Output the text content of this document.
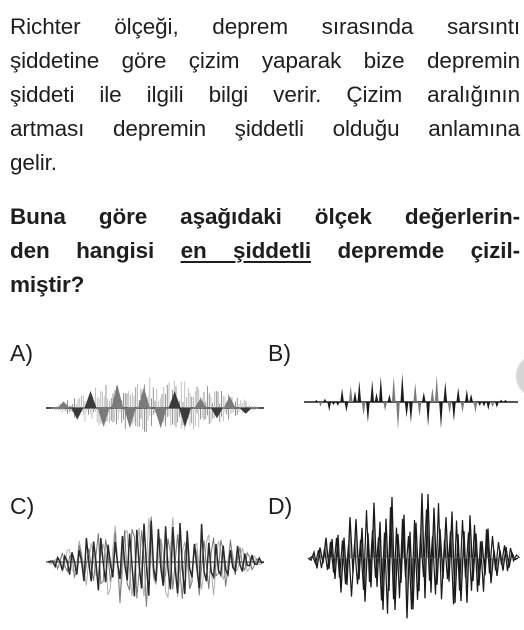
Richter ölçeği, deprem sırasında sarsıntı
şiddetine göre çizim yaparak bize depremin
şiddeti ile ilgili bilgi verir. Çizim aralığının
artması depremin şiddetli olduğu anlamına
gelir.
Buna göre aşağıdaki ölçek değerlerin-
den hangisi en şiddetli depremde çizil-
miştir?
A)	B)
C)	D)
